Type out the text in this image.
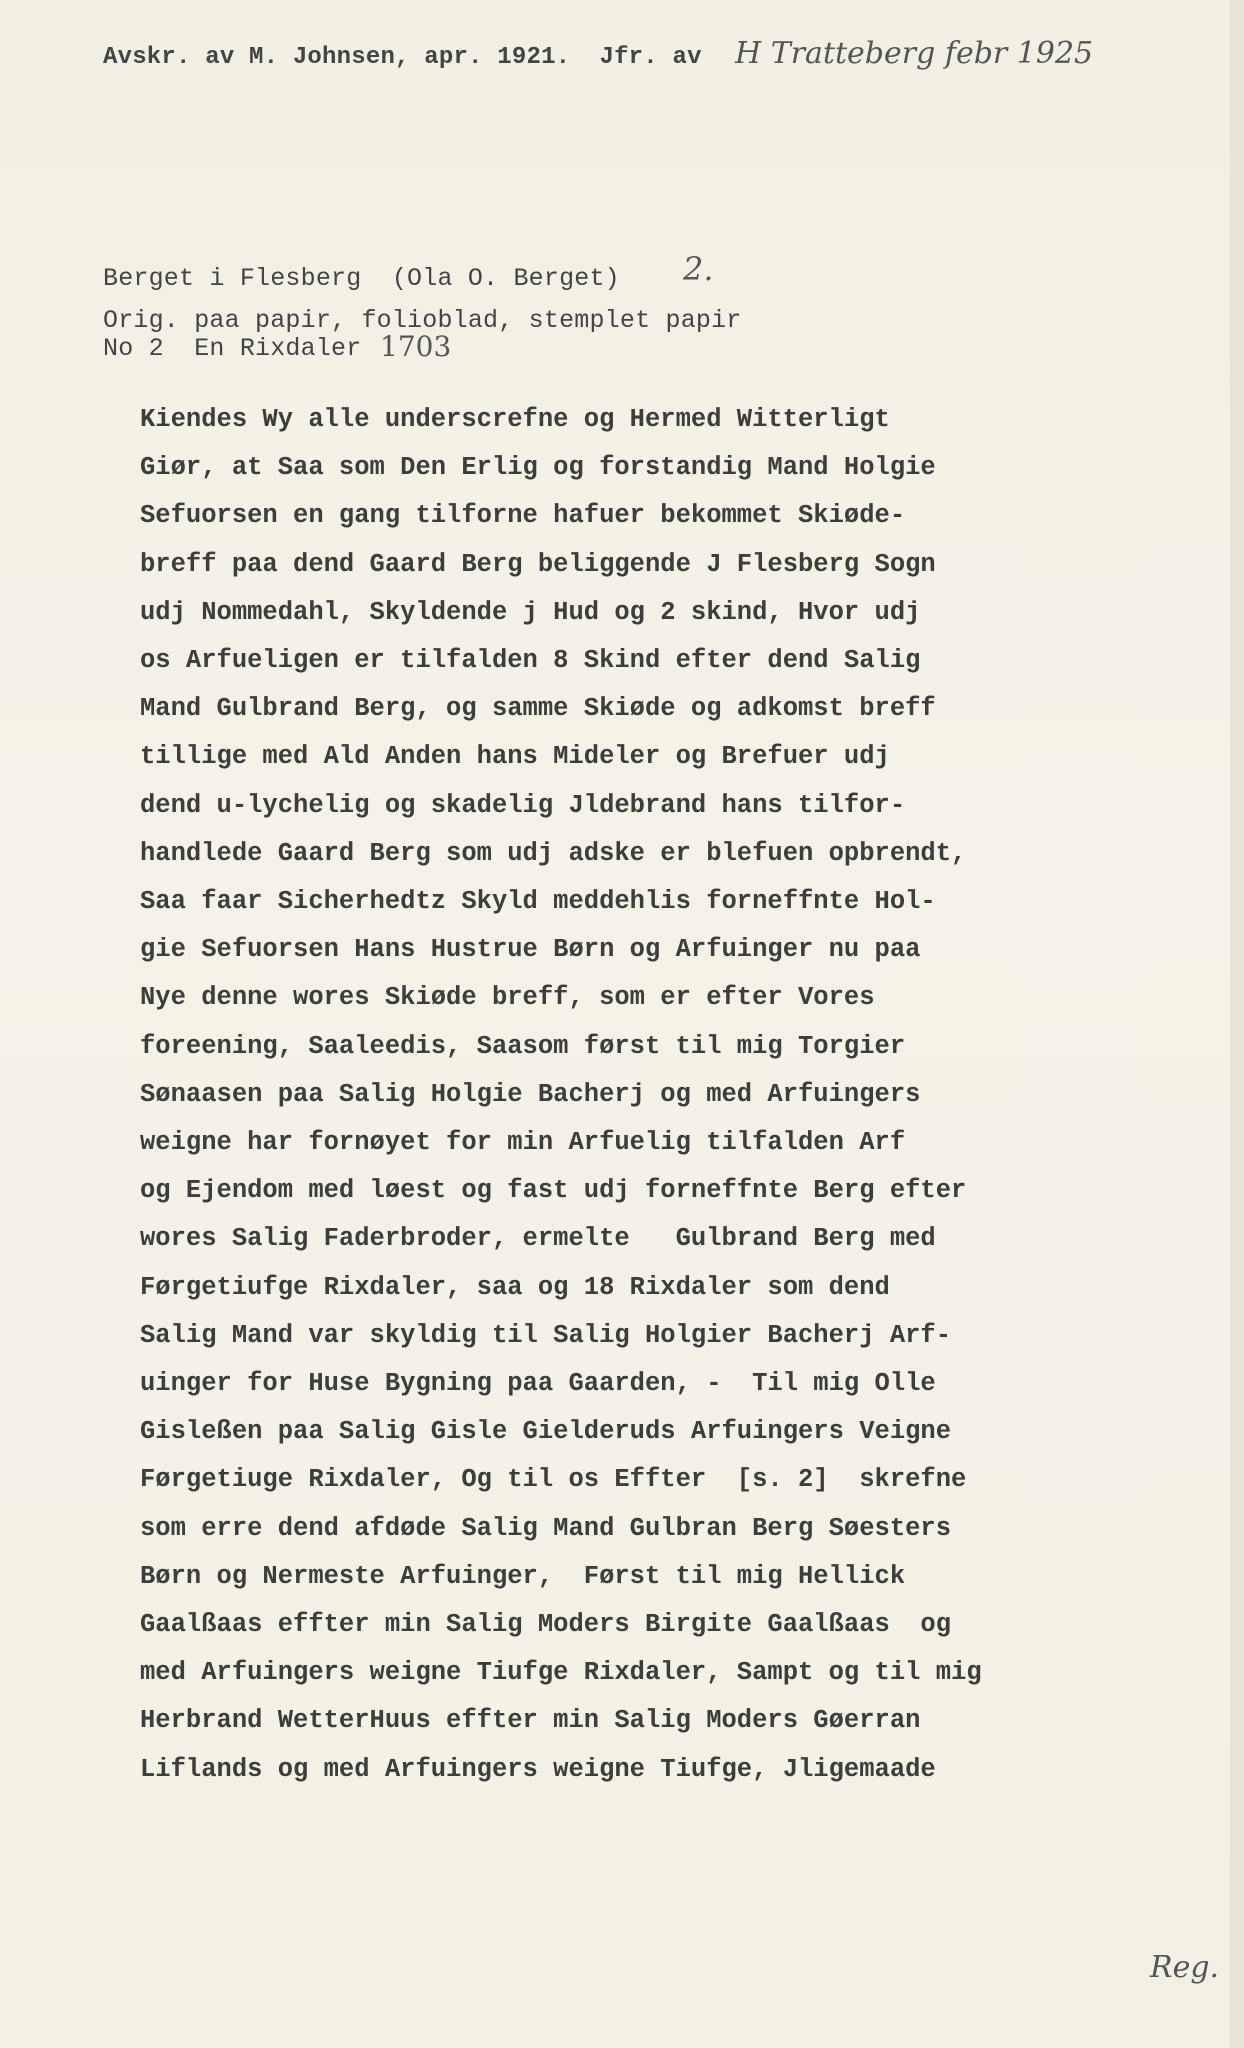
Avskr. av M. Johnsen, apr. 1921.  Jfr. av H Tratteberg febr 1925
Berget i Flesberg  (Ola O. Berget) 2.
Orig. paa papir, folioblad, stemplet papir
No 2  En Rixdaler 1703
Kiendes Wy alle underscrefne og Hermed Witterligt
Giør, at Saa som Den Erlig og forstandig Mand Holgie
Sefuorsen en gang tilforne hafuer bekommet Skiøde-
breff paa dend Gaard Berg beliggende J Flesberg Sogn
udj Nommedahl, Skyldende j Hud og 2 skind, Hvor udj
os Arfueligen er tilfalden 8 Skind efter dend Salig
Mand Gulbrand Berg, og samme Skiøde og adkomst breff
tillige med Ald Anden hans Mideler og Brefuer udj
dend u-lychelig og skadelig Jldebrand hans tilfor-
handlede Gaard Berg som udj adske er blefuen opbrendt,
Saa faar Sicherhedtz Skyld meddehlis forneffnte Hol-
gie Sefuorsen Hans Hustrue Børn og Arfuinger nu paa
Nye denne wores Skiøde breff, som er efter Vores
foreening, Saaleedis, Saasom først til mig Torgier
Sønaasen paa Salig Holgie Bacherj og med Arfuingers
weigne har fornøyet for min Arfuelig tilfalden Arf
og Ejendom med løest og fast udj forneffnte Berg efter
wores Salig Faderbroder, ermelte   Gulbrand Berg med
Førgetiufge Rixdaler, saa og 18 Rixdaler som dend
Salig Mand var skyldig til Salig Holgier Bacherj Arf-
uinger for Huse Bygning paa Gaarden, -  Til mig Olle
Gisleßen paa Salig Gisle Gielderuds Arfuingers Veigne
Førgetiuge Rixdaler, Og til os Effter  [s. 2]  skrefne
som erre dend afdøde Salig Mand Gulbran Berg Søesters
Børn og Nermeste Arfuinger,  Først til mig Hellick
Gaalßaas effter min Salig Moders Birgite Gaalßaas  og
med Arfuingers weigne Tiufge Rixdaler, Sampt og til mig
Herbrand WetterHuus effter min Salig Moders Gøerran
Liflands og med Arfuingers weigne Tiufge, Jligemaade
Reg.
